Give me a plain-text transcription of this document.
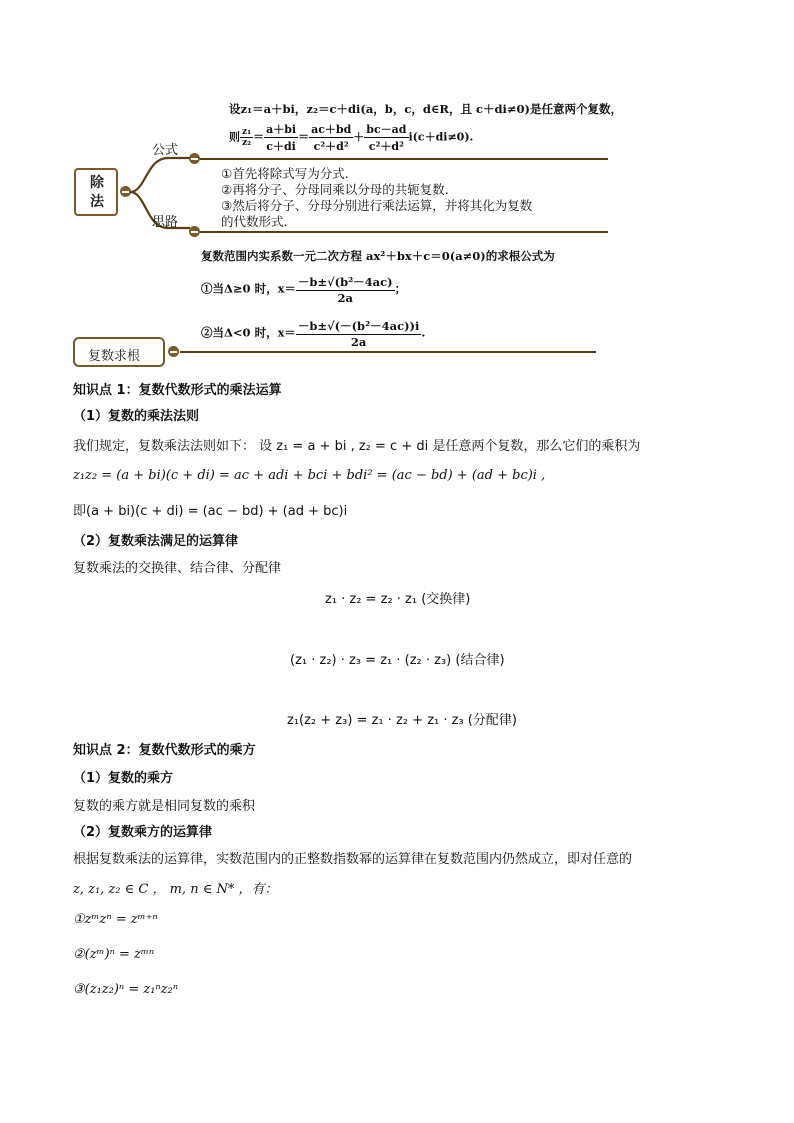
除
法
公式
思路
设z₁＝a＋bi，z₂＝c＋di(a，b，c，d∈R，且 c＋di≠0)是任意两个复数，
则 $\frac{\text{z₁}}{\text{z₂}} = \frac{a+bi}{c+di} = \frac{ac+bd}{\text{c²＋d²}} + \frac{bc-ad}{\text{c²＋d²}} i(c+di\ne 0)$.
①首先将除式写为分式.
②再将分子、分母同乘以分母的共轭复数.
③然后将分子、分母分别进行乘法运算，并将其化为复数
的代数形式.
复数范围内实系数一元二次方程 ax²＋bx＋c＝0(a≠0)的求根公式为
①当Δ≥0 时，$x= \frac{\text{－b±√(b²－4ac)}}{2a}$ ；
②当Δ<0 时，$x= \frac{\text{－b±√(－(b²－4ac))i}}{2a}$ .
复数求根
知识点 1：复数代数形式的乘法运算
（1）复数的乘法法则
我们规定，复数乘法法则如下： 设 z₁ = a + bi , z₂ = c + di 是任意两个复数，那么它们的乘积为
z₁z₂ = (a + bi)(c + di) = ac + adi + bci + bdi² = (ac − bd) + (ad + bc)i ,
即(a + bi)(c + di) = (ac − bd) + (ad + bc)i
（2）复数乘法满足的运算律
复数乘法的交换律、结合律、分配律
z₁ · z₂ = z₂ · z₁ (交换律)
(z₁ · z₂) · z₃ = z₁ · (z₂ · z₃) (结合律)
z₁(z₂ + z₃) = z₁ · z₂ + z₁ · z₃ (分配律)
知识点 2：复数代数形式的乘方
（1）复数的乘方
复数的乘方就是相同复数的乘积
（2）复数乘方的运算律
根据复数乘法的运算律，实数范围内的正整数指数幂的运算律在复数范围内仍然成立，即对任意的
z, z₁, z₂ ∈ C ， m, n ∈ N* ，有：
①zᵐzⁿ = zᵐ⁺ⁿ
②(zᵐ)ⁿ = zᵐⁿ
③(z₁z₂)ⁿ = z₁ⁿz₂ⁿ
